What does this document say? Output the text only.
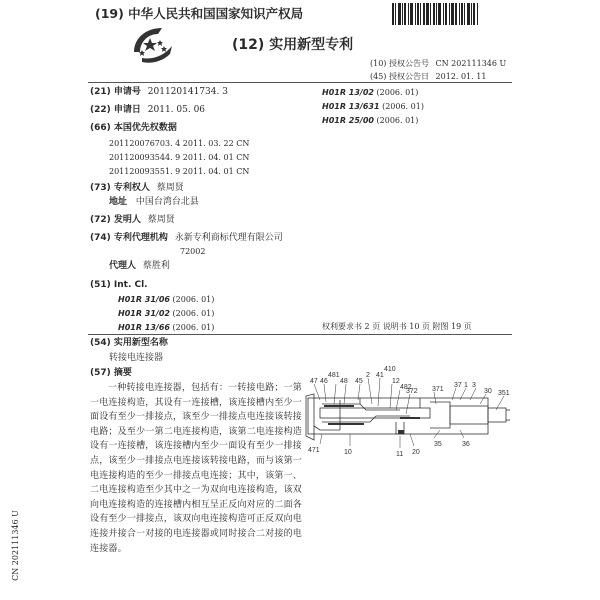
(19) 中华人民共和国国家知识产权局
(12) 实用新型专利
(10) 授权公告号 CN 202111346 U
(45) 授权公告日 2012. 01. 11
H01R 13/02 (2006. 01)
H01R 13/631 (2006. 01)
H01R 25/00 (2006. 01)
(21) 申请号 201120141734. 3
(22) 申请日 2011. 05. 06
(66) 本国优先权数据
201120076703. 4 2011. 03. 22 CN
201120093544. 9 2011. 04. 01 CN
201120093551. 9 2011. 04. 01 CN
(73) 专利权人 蔡周贤
地址 中国台湾台北县
(72) 发明人 蔡周贤
(74) 专利代理机构 永新专利商标代理有限公司
72002
代理人 蔡胜利
(51) Int. Cl.
H01R 31/06 (2006. 01)
H01R 31/02 (2006. 01)
H01R 13/66 (2006. 01)	权利要求书 2 页 说明书 10 页 附图 19 页
(54) 实用新型名称
转接电连接器
(57) 摘要
一种转接电连接器，包括有：一转接电路；一第一电连接构造，其设有一连接槽，该连接槽内至少一面设有至少一排接点，该至少一排接点电连接该转接电路；及至少一第二电连接构造，该第二电连接构造设有一连接槽，该连接槽内至少一面设有至少一排接点，该至少一排接点电连接该转接电路，而与该第一电连接构造的至少一排接点电连接；其中，该第一、二电连接构造至少其中之一为双向电连接构造，该双向电连接构造的连接槽内相互呈正反向对应的二面各设有至少一排接点，该双向电连接构造可正反双向电连接并接合一对接的电连接器或同时接合二对接的电连接器。
CN 202111346 U
47 46
481
48 45
2 41
410
12
482
372
37 1 3
30
371
351
471	10	11 20
35	36
